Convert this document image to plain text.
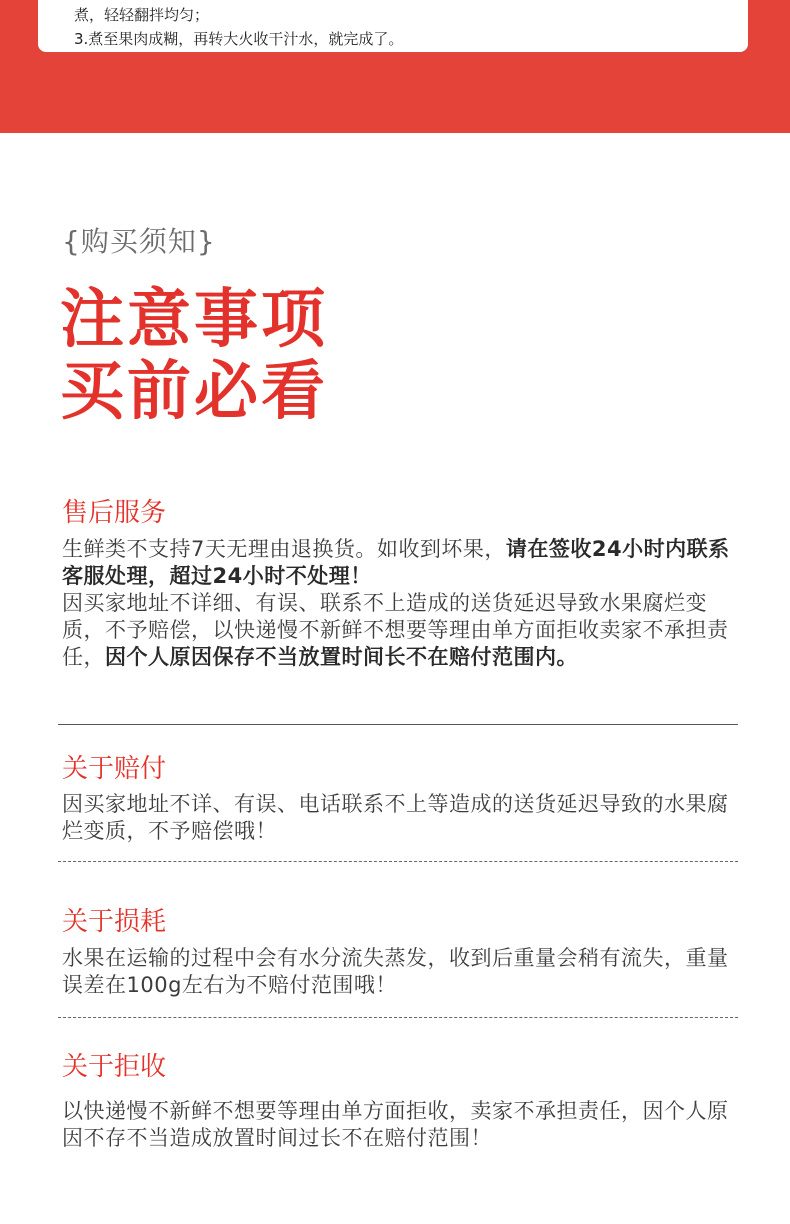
煮，轻轻翻拌均匀；
3.煮至果肉成糊，再转大火收干汁水，就完成了。
{购买须知}
注意事项
买前必看
售后服务
生鲜类不支持7天无理由退换货。如收到坏果，请在签收24小时内联系客服处理，超过24小时不处理！
因买家地址不详细、有误、联系不上造成的送货延迟导致水果腐烂变质，不予赔偿，以快递慢不新鲜不想要等理由单方面拒收卖家不承担责任，因个人原因保存不当放置时间长不在赔付范围内。
关于赔付
因买家地址不详、有误、电话联系不上等造成的送货延迟导致的水果腐烂变质，不予赔偿哦！
关于损耗
水果在运输的过程中会有水分流失蒸发，收到后重量会稍有流失，重量误差在100g左右为不赔付范围哦！
关于拒收
以快递慢不新鲜不想要等理由单方面拒收，卖家不承担责任，因个人原因不存不当造成放置时间过长不在赔付范围！
